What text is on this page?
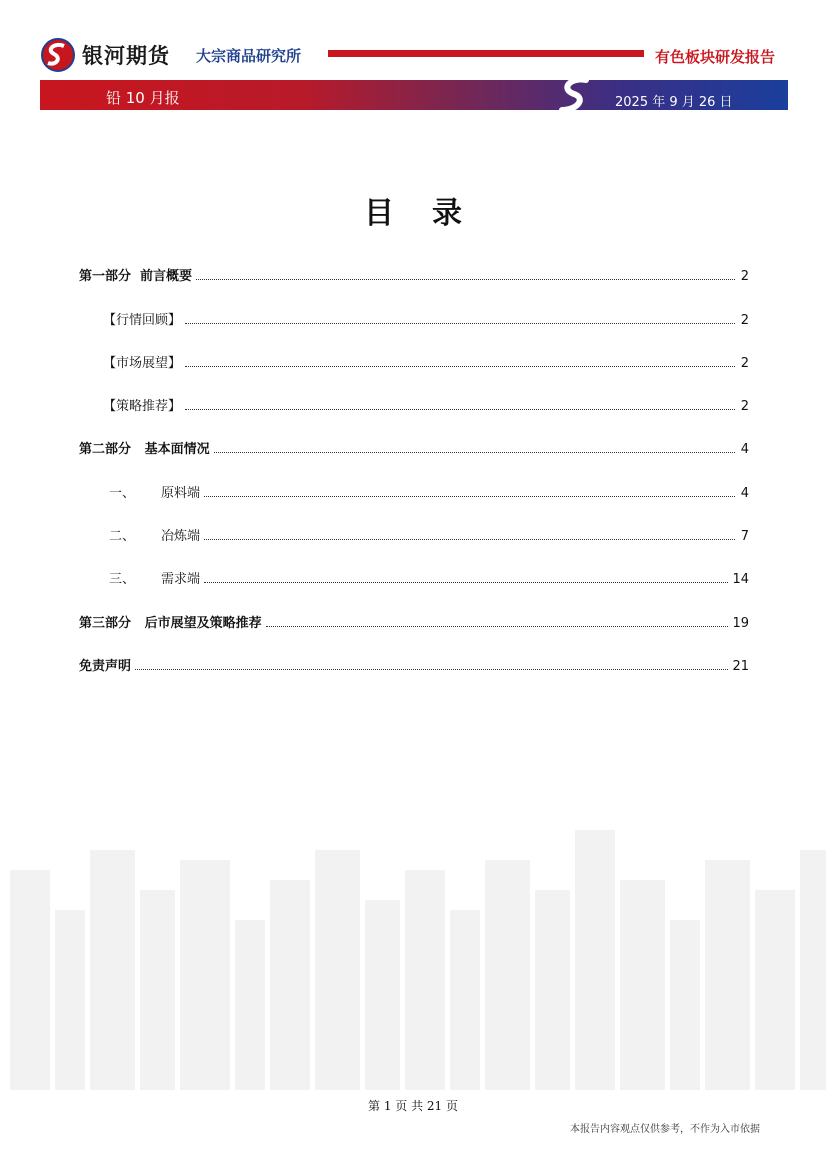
银河期货 大宗商品研究所	有色板块研发报告
铅 10 月报	2025 年 9 月 26 日
目录
第一部分  前言概要	2
【行情回顾】	2
【市场展望】	2
【策略推荐】	2
第二部分   基本面情况	4
一、 原料端	4
二、 冶炼端	7
三、 需求端	14
第三部分   后市展望及策略推荐	19
免责声明	21
第 1 页 共 21 页
本报告内容观点仅供参考，不作为入市依据
